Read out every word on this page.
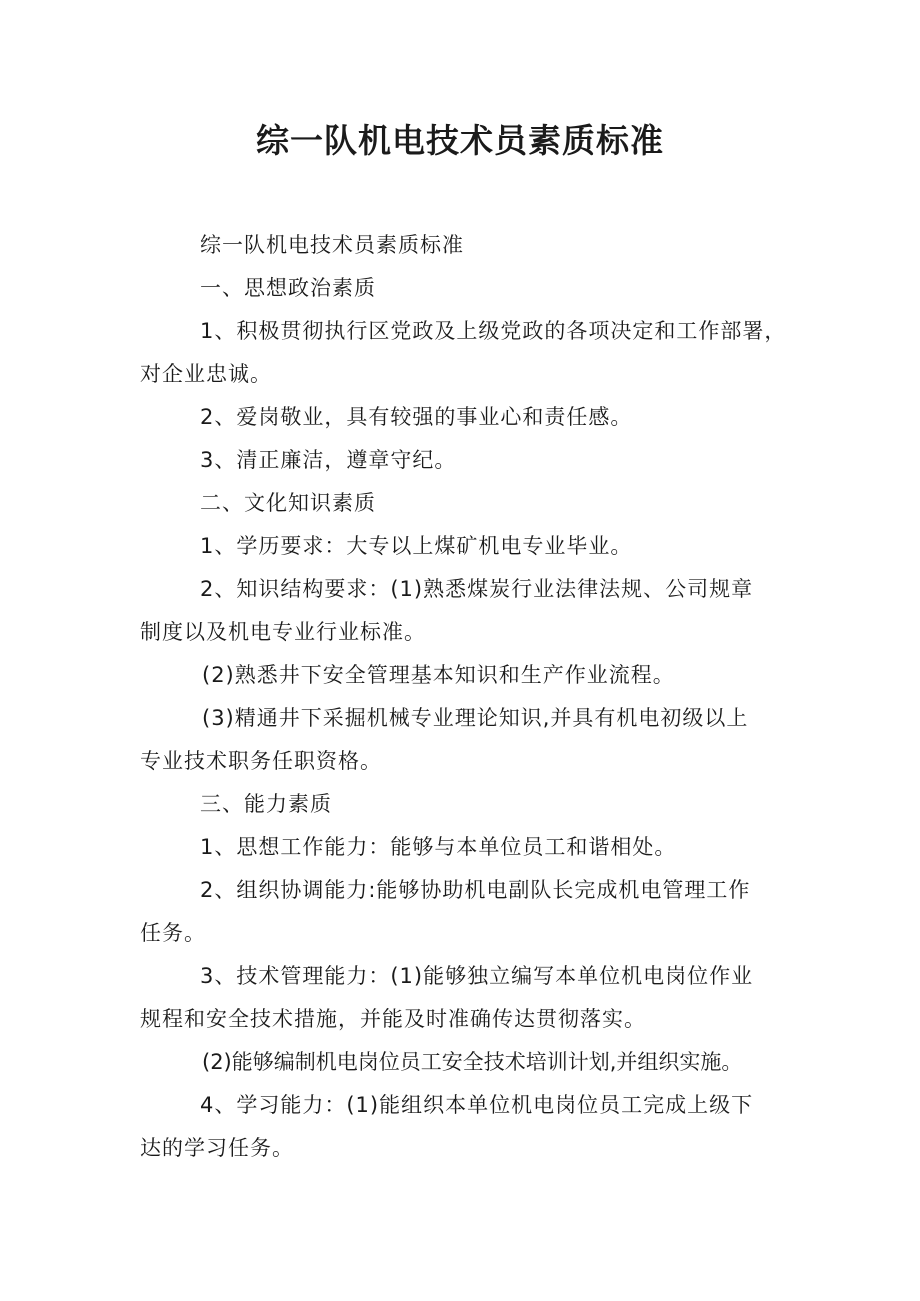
综一队机电技术员素质标准

综一队机电技术员素质标准

一、思想政治素质

1、积极贯彻执行区党政及上级党政的各项决定和工作部署，

对企业忠诚。

2、爱岗敬业，具有较强的事业心和责任感。

3、清正廉洁，遵章守纪。

二、文化知识素质

1、学历要求：大专以上煤矿机电专业毕业。

2、知识结构要求：(1)熟悉煤炭行业法律法规、公司规章

制度以及机电专业行业标准。

(2)熟悉井下安全管理基本知识和生产作业流程。

(3)精通井下采掘机械专业理论知识,并具有机电初级以上

专业技术职务任职资格。

三、能力素质

1、思想工作能力：能够与本单位员工和谐相处。

2、组织协调能力:能够协助机电副队长完成机电管理工作

任务。

3、技术管理能力：(1)能够独立编写本单位机电岗位作业

规程和安全技术措施，并能及时准确传达贯彻落实。

(2)能够编制机电岗位员工安全技术培训计划,并组织实施。

4、学习能力：(1)能组织本单位机电岗位员工完成上级下

达的学习任务。
